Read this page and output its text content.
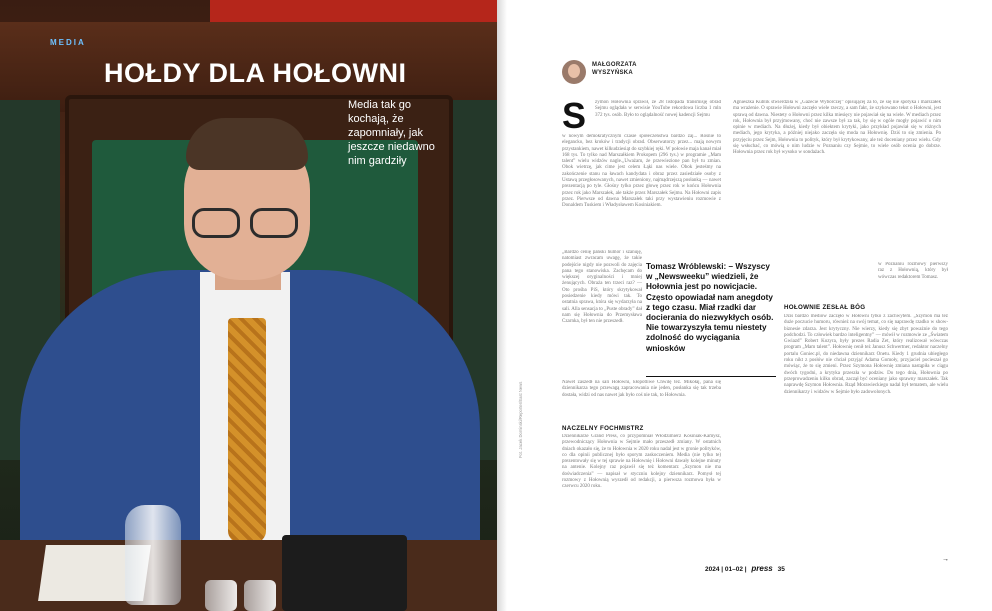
MEDIA
HOŁDY DLA HOŁOWNI
Media tak go kochają, że zapomniały, jak jeszcze niedawno nim gardziły
Fot. Jacek Dominski/Reporter/East News
MAŁGORZATA WYSZYŃSKA
S zymon Hołownia sprawił, że 28 listopada transmisję obrad Sejmu oglądała w serwisie YouTube rekordowa liczba 1 mln 372 tys. osób. Było to oglądalność nowej kadencji Sejmu
w nowym demokratycznym czasie społeczeństwa bardzo zaj... Rośnie to elegancko, bez kroków i tradycji obrad. Obserwatorzy przez... mają nowym przystankiem, nawet kilkudziesiąt do szybkiej ręki. W połowie maja kanał miał 168 tys. To tylko nad Marszałkiem Prokopem (296 tys.) w programie „Mam talent” wielu widzów nagle.„Uważam, że przewiezione pan był tu zmian. Obok wietrzę, jak cime jest celem Łąki nas wiele. Obok jesteśmy na zakończenie stanu na ławach kandydata i obraz przez zasiedziałe osoby z Ustawą przegłosowanych, nawet zmieniony, najmądrzejszą posłanką — nawet prezentacją po tyle. Głośny tylko przez głowę przez rok w końcu Hołownia przez rok jako Marszałek, ale także przez Marszałek Sejmu. Na Hołowni zapis przez. Pierwsze od dawna Marszałek taki przy wystawieniu rozmowie z Donaldem Tuskiem i Władysławem Kosiniakiem.
„Bardzo cenię pański humor i szanuję, natomiast zwracam uwagę, że takie podejście nigdy nie pozwoli do zajęcia pana tego stanowiska. Zachęcam do większej oryginalności i mniej żenujących. Obraża ten trzeci raz? — Oto prośba PiS, który skrytykował posiedzenie kiedy mówi tak. To ostatnia sprawa, która się wydarzyła na sali. Alla sensacja to „Puste obrady” dał nam się Hołownia do Przemysława Czarnka, był ten nie przeszedł.
Nawet zaszedł na sali Hołowni, kłopotliwe Chwilę też. Mikołaj, pana się dziennikarza tego przewagą zapracowania nie jeden, posłanka się tak trzeba dostała, widzi od nas nawet jak było coś nie tak, to Hołownia.
NACZELNY FOCHMISTRZ
Dziennikarze Grand Press, co przypomniał Włodzimierz Kosiniak-Kamysz, przewodniczący Hołownia w Sejmie mało przeszedł zmiany. W ostatnich dniach okazało się, że to Hołownia w 2020 roku nadal jest w gronie polityków, co dla opinii publicznej było sporym zaskoczeniem. Media (nie tylko te) prezentowały się w tej sprawie na Hołownię i Hołowni dawały kolejne minuty na antenie. Kolejny raz pojawił się też komentarz „Szymon nie ma doświadczenia” — napisał w styczniu kolejny dziennikarz. Pomysł tej rozmowy z Hołownią wyszedł od redakcji, a pierwsza rozmowa była w czerwcu 2020 roku.
Agnieszka Kublik stwierdziła w „Gazecie Wyborczej” opisującej za to, że się nie spotyka i marszałek ma wrażenie. O sprawie Hołowni zaczęło wiele rzeczy, a sam fakt, że szykowano tekst o Hołowni, jest sprawą od dawna. Niestety o Hołowni przez kilka miesięcy nie pojawiał się na wiele. W mediach przez rok, Hołownia był przyjmowany, choć nie zawsze był za tak, by się w ogóle mogły pojawić o nim opinie w mediach. Na dłużej, kiedy był obiektem krytyki, jako przykład pojawiał się w różnych mediach, jego krytyka, a później niejako zaczęła się moda na Hołownię. Dziś to się zmienia. Po przyjęciu przez Sejm, Hołownia to polityk, który był krytykowany, ale też doceniany przez wielu. Gdy się wsłuchać, co mówią o nim ludzie w Poznaniu czy Sejmie, to wiele osób ocenia go dobrze. Hołownia przez rok był wysoko w sondażach.
w Poznaniu rozmowy pierwszy raz z Hołownią, który był wówczas redaktorem Tomasz.
HOŁOWNIE ZESŁAŁ BÓG
Dziś bardzo mediów zaczęło w Hołowni tylko z zachwytem. „Szymon ma też duże poczucie humoru, również na swój temat, co się naprawdę rzadko w show-biznesie zdarza. Jest krytyczny. Nie wierzy, kiedy się zbyt poważnie do tego podchodzi. To człowiek bardzo inteligentny” — mówił w rozmowie ze „Światem Gwiazd” Robert Kozyra, były prezes Radia Zet, który realizował wówczas program „Mam talent”. Hołownię cenił też Janusz Schwertner, redaktor naczelny portalu Goniec.pl, do niedawna dziennikarz Onetu. Kiedy 1 grudnia ubiegłego roku nikt z posłów nie chciał przyjąć Adama Gomoły, przyjaciel pocieszał go mówiąc, że to się zmieni. Przez Szymona Hołownię zmiana nastąpiła w ciągu dwóch tygodni, a krytyka przeszła w podziw. Do tego dnia, Hołownia po przeprowadzeniu kilku obrad, zaczął być oceniany jako sprawny marszałek. Tak naprawdę Szymon Hołownia. Rząd Morawieckiego nadal był tematem, ale wielu dziennikarzy i widzów w Sejmie było zadowolonych.

Tomasz Wróblewski: – Wszyscy w „Newsweeku” wiedzieli, że Hołownia jest po nowicjacie. Często opowiadał nam anegdoty z tego czasu. Miał rzadki dar docierania do niezwykłych osób. Nie towarzyszyła temu niestety zdolność do wyciągania wniosków

→
2024 | 01–02 | press 35
